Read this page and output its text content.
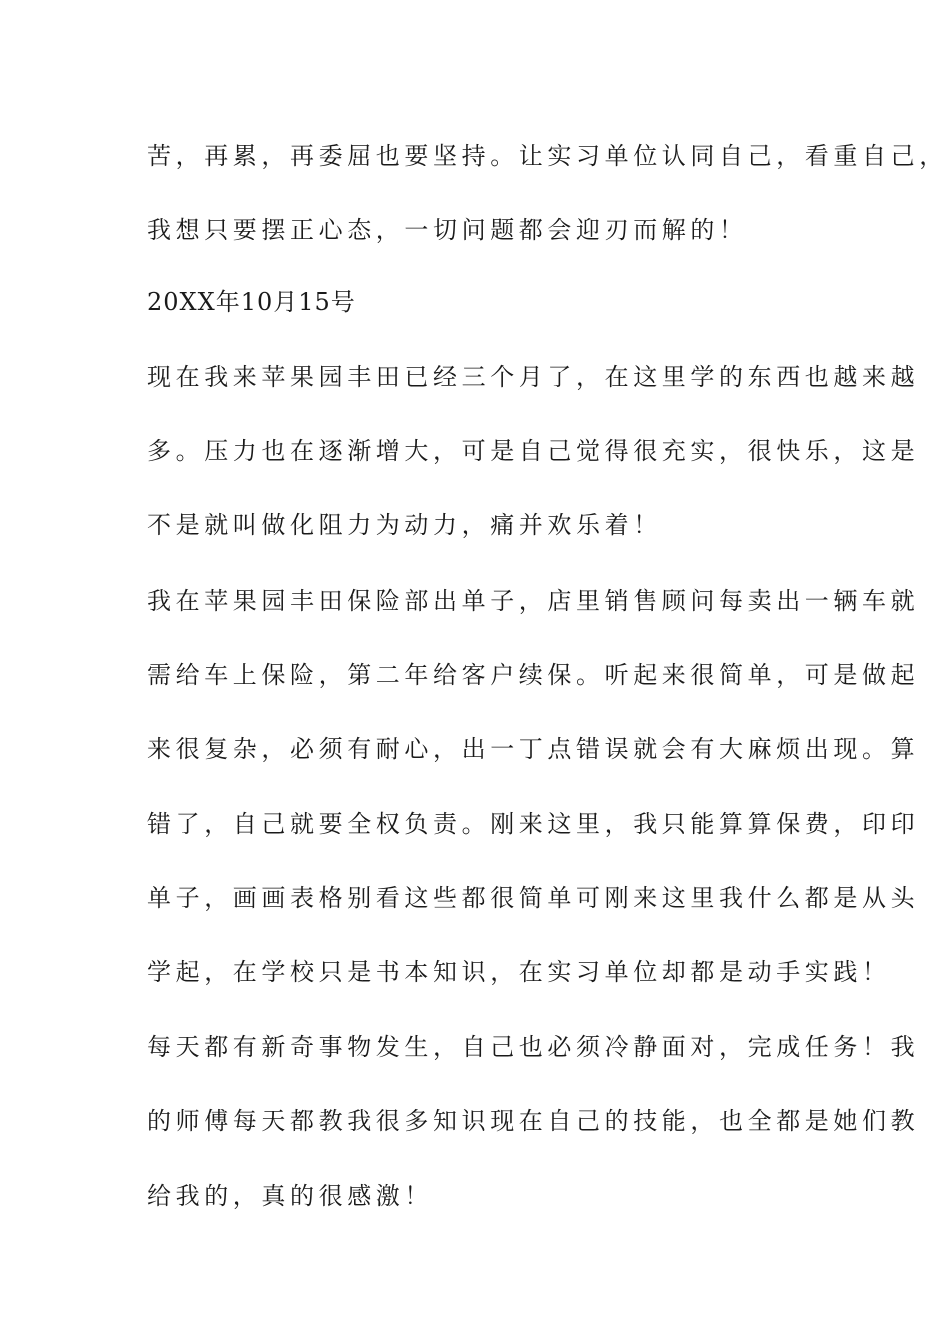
苦，再累，再委屈也要坚持。让实习单位认同自己，看重自己，
我想只要摆正心态，一切问题都会迎刃而解的！
20XX年10月15号
现在我来苹果园丰田已经三个月了，在这里学的东西也越来越
多。压力也在逐渐增大，可是自己觉得很充实，很快乐，这是
不是就叫做化阻力为动力，痛并欢乐着！
我在苹果园丰田保险部出单子，店里销售顾问每卖出一辆车就
需给车上保险，第二年给客户续保。听起来很简单，可是做起
来很复杂，必须有耐心，出一丁点错误就会有大麻烦出现。算
错了，自己就要全权负责。刚来这里，我只能算算保费，印印
单子，画画表格别看这些都很简单可刚来这里我什么都是从头
学起，在学校只是书本知识，在实习单位却都是动手实践！
每天都有新奇事物发生，自己也必须冷静面对，完成任务！我
的师傅每天都教我很多知识现在自己的技能，也全都是她们教
给我的，真的很感激！
